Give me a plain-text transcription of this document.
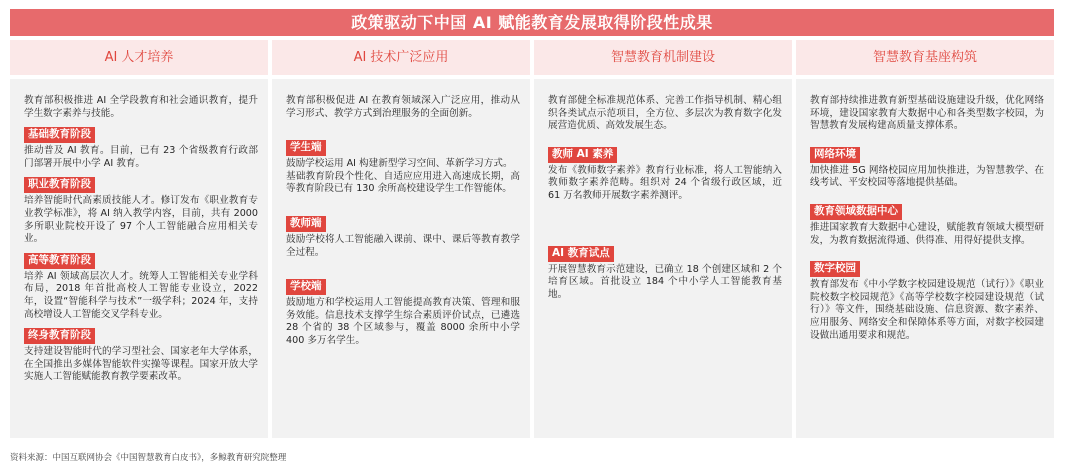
政策驱动下中国 AI 赋能教育发展取得阶段性成果
AI 人才培养
教育部积极推进 AI 全学段教育和社会通识教育，提升学生数字素养与技能。
基础教育阶段
推动普及 AI 教育。目前，已有 23 个省级教育行政部门部署开展中小学 AI 教育。
职业教育阶段
培养智能时代高素质技能人才。修订发布《职业教育专业教学标准》，将 AI 纳入教学内容，目前，共有 2000 多所职业院校开设了 97 个人工智能融合应用相关专业。
高等教育阶段
培养 AI 领域高层次人才。统筹人工智能相关专业学科布局，2018 年首批高校人工智能专业设立，2022 年，设置“智能科学与技术”一级学科；2024 年，支持高校增设人工智能交叉学科专业。
终身教育阶段
支持建设智能时代的学习型社会、国家老年大学体系，在全国推出多媒体智能软件实操等课程。国家开放大学实施人工智能赋能教育教学要素改革。
AI 技术广泛应用
教育部积极促进 AI 在教育领域深入广泛应用，推动从学习形式、教学方式到治理服务的全面创新。
学生端
鼓励学校运用 AI 构建新型学习空间、革新学习方式。
基础教育阶段个性化、自适应应用进入高速成长期，高等教育阶段已有 130 余所高校建设学生工作智能体。
教师端
鼓励学校将人工智能融入课前、课中、课后等教育教学全过程。
学校端
鼓励地方和学校运用人工智能提高教育决策、管理和服务效能。信息技术支撑学生综合素质评价试点，已遴选 28 个省的 38 个区域参与，覆盖 8000 余所中小学 400 多万名学生。
智慧教育机制建设
教育部健全标准规范体系、完善工作指导机制、精心组织各类试点示范项目，全方位、多层次为教育数字化发展营造优质、高效发展生态。
教师 AI 素养
发布《教师数字素养》教育行业标准，将人工智能纳入教师数字素养范畴。组织对 24 个省级行政区域，近 61 万名教师开展数字素养测评。
AI 教育试点
开展智慧教育示范建设，已确立 18 个创建区域和 2 个培育区域。首批设立 184 个中小学人工智能教育基地。
智慧教育基座构筑
教育部持续推进教育新型基础设施建设升级，优化网络环境，建设国家教育大数据中心和各类型数字校园，为智慧教育发展构建高质量支撑体系。
网络环境
加快推进 5G 网络校园应用加快推进，为智慧教学、在线考试、平安校园等落地提供基础。
教育领域数据中心
推进国家教育大数据中心建设，赋能教育领域大模型研发，为教育数据流得通、供得准、用得好提供支撑。
数字校园
教育部发布《中小学数字校园建设规范（试行）》《职业院校数字校园规范》《高等学校数字校园建设规范（试行）》等文件，围绕基础设施、信息资源、数字素养、应用服务、网络安全和保障体系等方面，对数字校园建设做出通用要求和规范。
资料来源：中国互联网协会《中国智慧教育白皮书》，多鲸教育研究院整理
